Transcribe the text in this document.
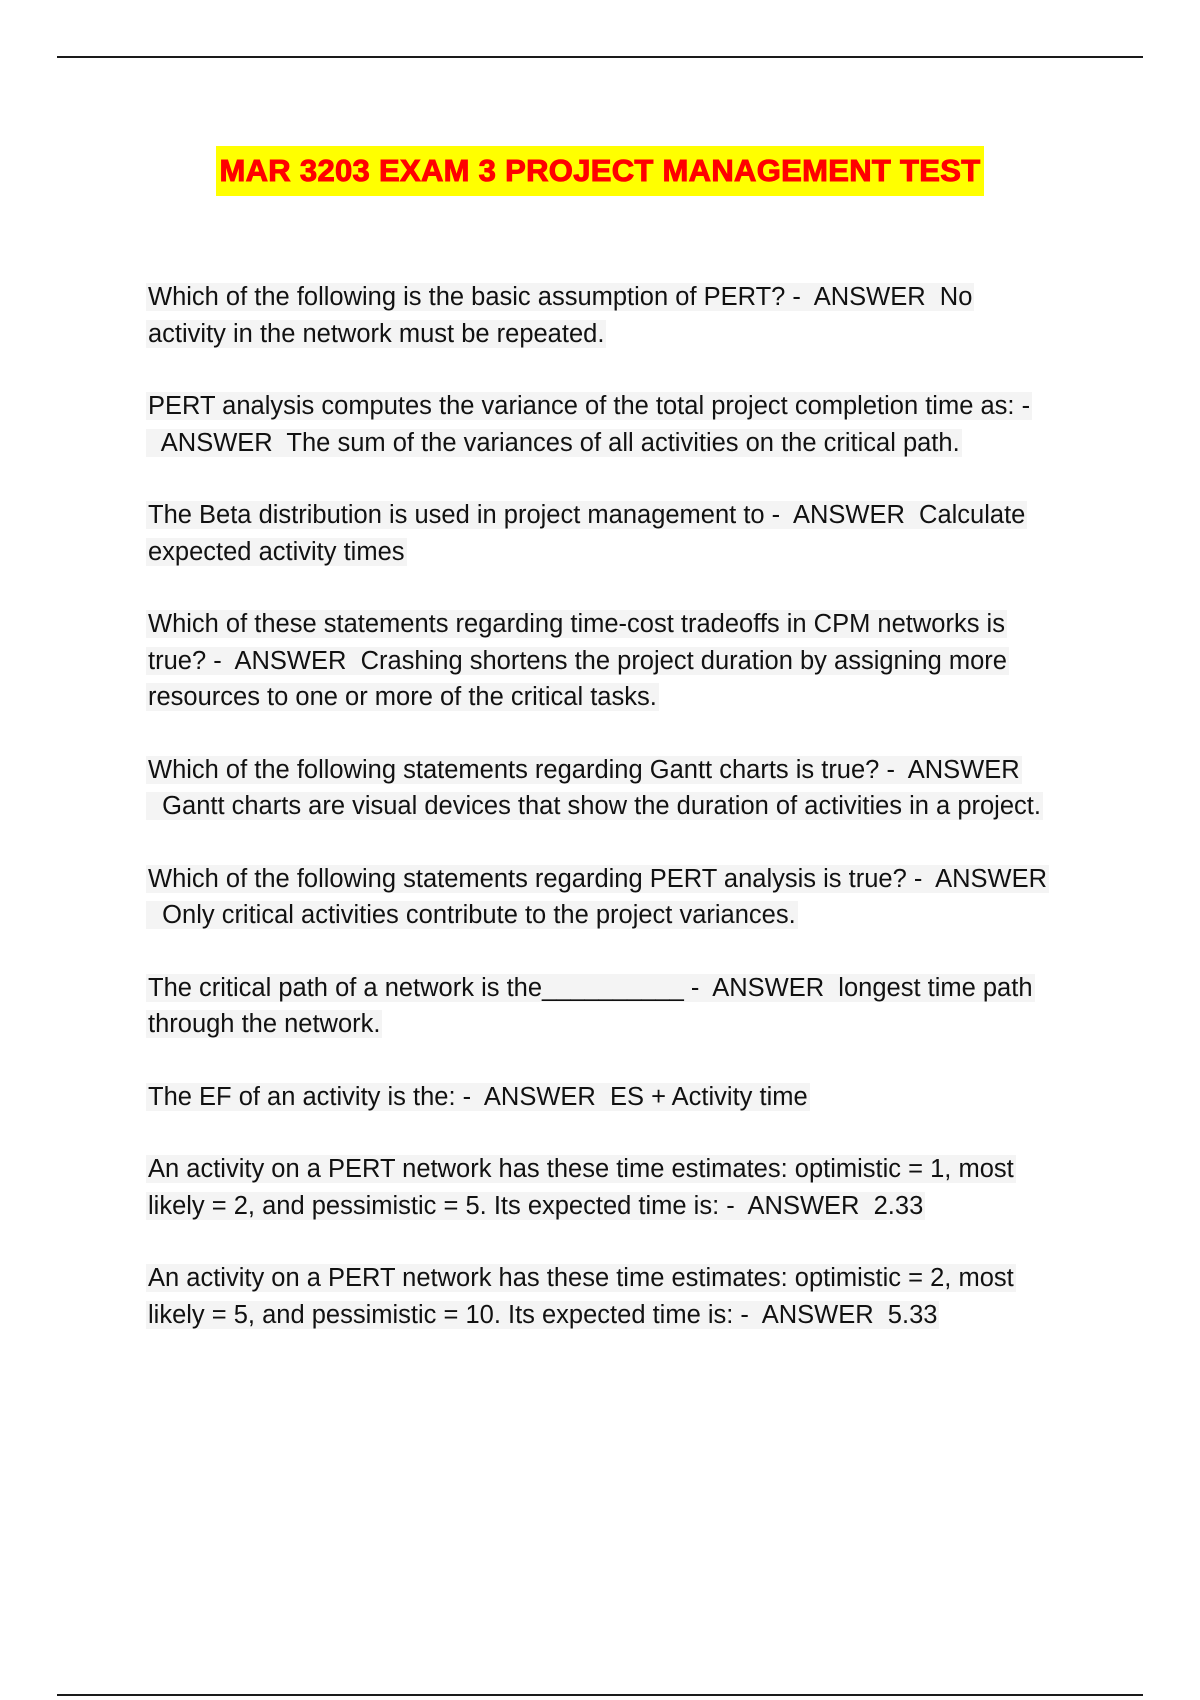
MAR 3203 EXAM 3 PROJECT MANAGEMENT TEST
Which of the following is the basic assumption of PERT? - ANSWER No activity in the network must be repeated.
PERT analysis computes the variance of the total project completion time as: -  ANSWER The sum of the variances of all activities on the critical path.
The Beta distribution is used in project management to - ANSWER Calculate expected activity times
Which of these statements regarding time-cost tradeoffs in CPM networks is true? - ANSWER Crashing shortens the project duration by assigning more resources to one or more of the critical tasks.
Which of the following statements regarding Gantt charts is true? - ANSWER  Gantt charts are visual devices that show the duration of activities in a project.
Which of the following statements regarding PERT analysis is true? - ANSWER  Only critical activities contribute to the project variances.
The critical path of a network is the__________ - ANSWER longest time path through the network.
The EF of an activity is the: - ANSWER ES + Activity time
An activity on a PERT network has these time estimates: optimistic = 1, most likely = 2, and pessimistic = 5. Its expected time is: - ANSWER 2.33
An activity on a PERT network has these time estimates: optimistic = 2, most likely = 5, and pessimistic = 10. Its expected time is: - ANSWER 5.33
